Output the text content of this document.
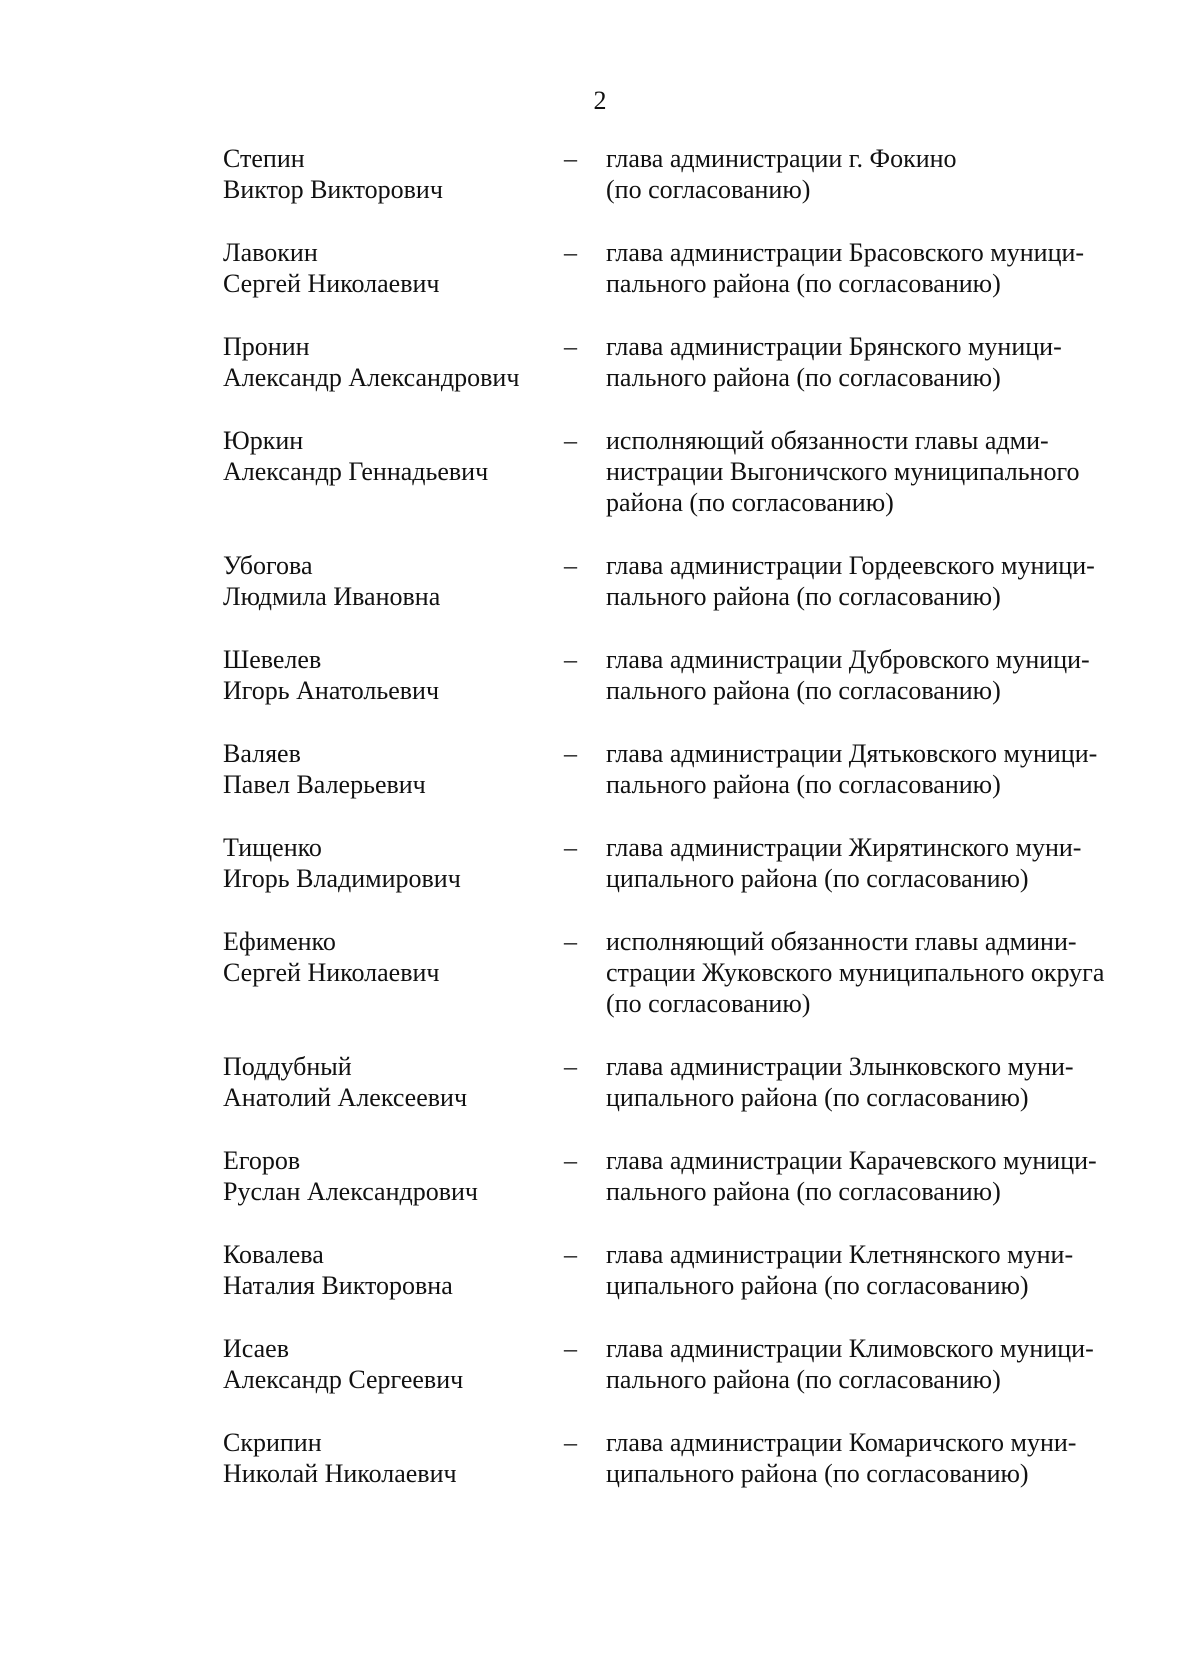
2
Степин
Виктор Викторович
– глава администрации г. Фокино
(по согласованию)
Лавокин
Сергей Николаевич
– глава администрации Брасовского муници-
пального района (по согласованию)
Пронин
Александр Александрович
– глава администрации Брянского муници-
пального района (по согласованию)
Юркин
Александр Геннадьевич
– исполняющий обязанности главы адми-
нистрации Выгоничского муниципального
района (по согласованию)
Убогова
Людмила Ивановна
– глава администрации Гордеевского муници-
пального района (по согласованию)
Шевелев
Игорь Анатольевич
– глава администрации Дубровского муници-
пального района (по согласованию)
Валяев
Павел Валерьевич
– глава администрации Дятьковского муници-
пального района (по согласованию)
Тищенко
Игорь Владимирович
– глава администрации Жирятинского муни-
ципального района (по согласованию)
Ефименко
Сергей Николаевич
– исполняющий обязанности главы админи-
страции Жуковского муниципального округа
(по согласованию)
Поддубный
Анатолий Алексеевич
– глава администрации Злынковского муни-
ципального района (по согласованию)
Егоров
Руслан Александрович
– глава администрации Карачевского муници-
пального района (по согласованию)
Ковалева
Наталия Викторовна
– глава администрации Клетнянского муни-
ципального района (по согласованию)
Исаев
Александр Сергеевич
– глава администрации Климовского муници-
пального района (по согласованию)
Скрипин
Николай Николаевич
– глава администрации Комаричского муни-
ципального района (по согласованию)
